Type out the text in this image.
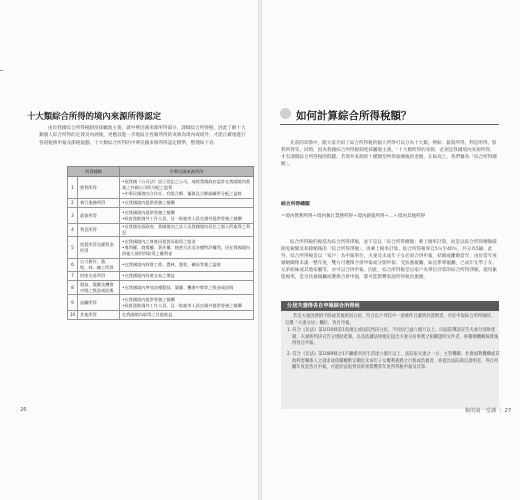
十大類綜合所得的境內來源所得認定
由於我國綜合所得稅制度採屬地主義，就中華民國來源所得部分，課徵綜合所得稅，因此了解十大類個人綜合所得的定義及內涵後，更應該進一步地區分各類所得的來源為境內或境外，才能正確地進行各項稅務申報及節稅規劃。十大類綜合所得的中華民國來源所得認定標準，整理如下表：
所得種類		中華民國來源所得
1	營利所得	•依我國《公司法》設立登記之公司，或經我國政府認許在我國境內營業之外國公司所分配之股利
•中華民國境內合作社、有限合夥、獨資及合夥組織所分配之盈餘
2	執行業務所得	•在我國境內提供勞務之報酬
3	薪資所得	•在我國境內提供勞務之報酬
•政府派駐國外工作人員，及一般雇用人員在國外提供勞務之報酬
4	利息所得	•自我國各級政府、我國境內之法人及我國境內居住之個人所取得之利息
5	租賃所得及權利金所得	•在我國境內之財產因租賃而取得之租金
•專利權、商標權、著作權、秘密方法及各種特許權利，因在我國境內供他人使用所取得之權利金
6	自力耕作、漁、牧、林、礦之所得	•在我國境內經營工商、農林、漁牧、礦冶等業之盈餘
7	財產交易所得	•在我國境內財產交易之增益
8	競技、競賽及機會中獎之獎金或給與	•在我國境內參加各種競技、競賽、機會中獎等之獎金或給與
9	退職所得	•在我國境內提供勞務之報酬
•政府派駐國外工作人員，及一般雇用人員在國外提供勞務之報酬
10	其他所得	在我國境內取得之其他收益
26
如何計算綜合所得稅額？
先前的章節中，跟大家介紹了綜合所得稅的個人所得可以分為十大類，例如：薪資所得、利息所得、股利所得等。同時，因為我國綜合所得稅制度採屬地主義，「十大類所得的來源，必須是我國境內來源所得，才有課徵綜合所得稅的問題。若境外來源的十種類型所得加總後的金額，在較高上，我們稱為「綜合所得總額」。
綜合所得總額
＝境內營利所得＋境內執行業務所得＋境內薪資所得＋…＋境內其他所得
綜合所得稅的稅基為綜合所得淨額，並不是以「綜合所得總額」乘上稅率計算，而是以綜合所得總額減除免稅額及扣除額後的「綜合所得淨額」，再乘上稅率計算。綜合所得稅率自5％至40％，共分為5級。此外，綜合所得稅是以「家戶」為申報單位，夫妻及未成年子女必須合併申報，結婚或離婚當年，由於當年度婚姻關係未滿一整年度，雙方可選擇合併申報或分開申報；受扶養親屬，如直系尊親屬，已成年在學子女、兄弟姐妹或其他家屬等，亦可以合併申報。因此，綜合所得稅是以家戶為單位計算的綜合所得淨額，適用累進稅率，是否扶養親屬或選擇合併申報，都可能影響家庭所得稅負擔額。
分居夫妻得各自申報綜合所得稅
若是夫妻因感情不睦或其他原因分居，符合以下列其中一項條件且載明於證明者，可於申報綜合所得稅時，勾選「夫妻分居」欄位，各自申報。
1. 符合《民法》第1010條第1項規定或法院判決分居，不同居已逾六個月以上，向法院聲請宣告夫妻分別財產制、夫妻經判決宣告分別財產制，以及依據法律規定提出夫妻分居事實之相關證明文件者，經稽徵機關核實後得各自申報。
2. 符合《民法》第1089條之1不繼續共同生活達六個月以上，法院依夫妻之一方、主管機關、社會福利機構或其他利害關係人之請求或依職權酌定關於未成年子女權利義務之行使或負擔者，經提出法院裁定證明者，得自所屬年度起各自申報，可能的法院判決結果影響當年度所得稅申報及計算。
稅的第一堂課 ｜ 27
